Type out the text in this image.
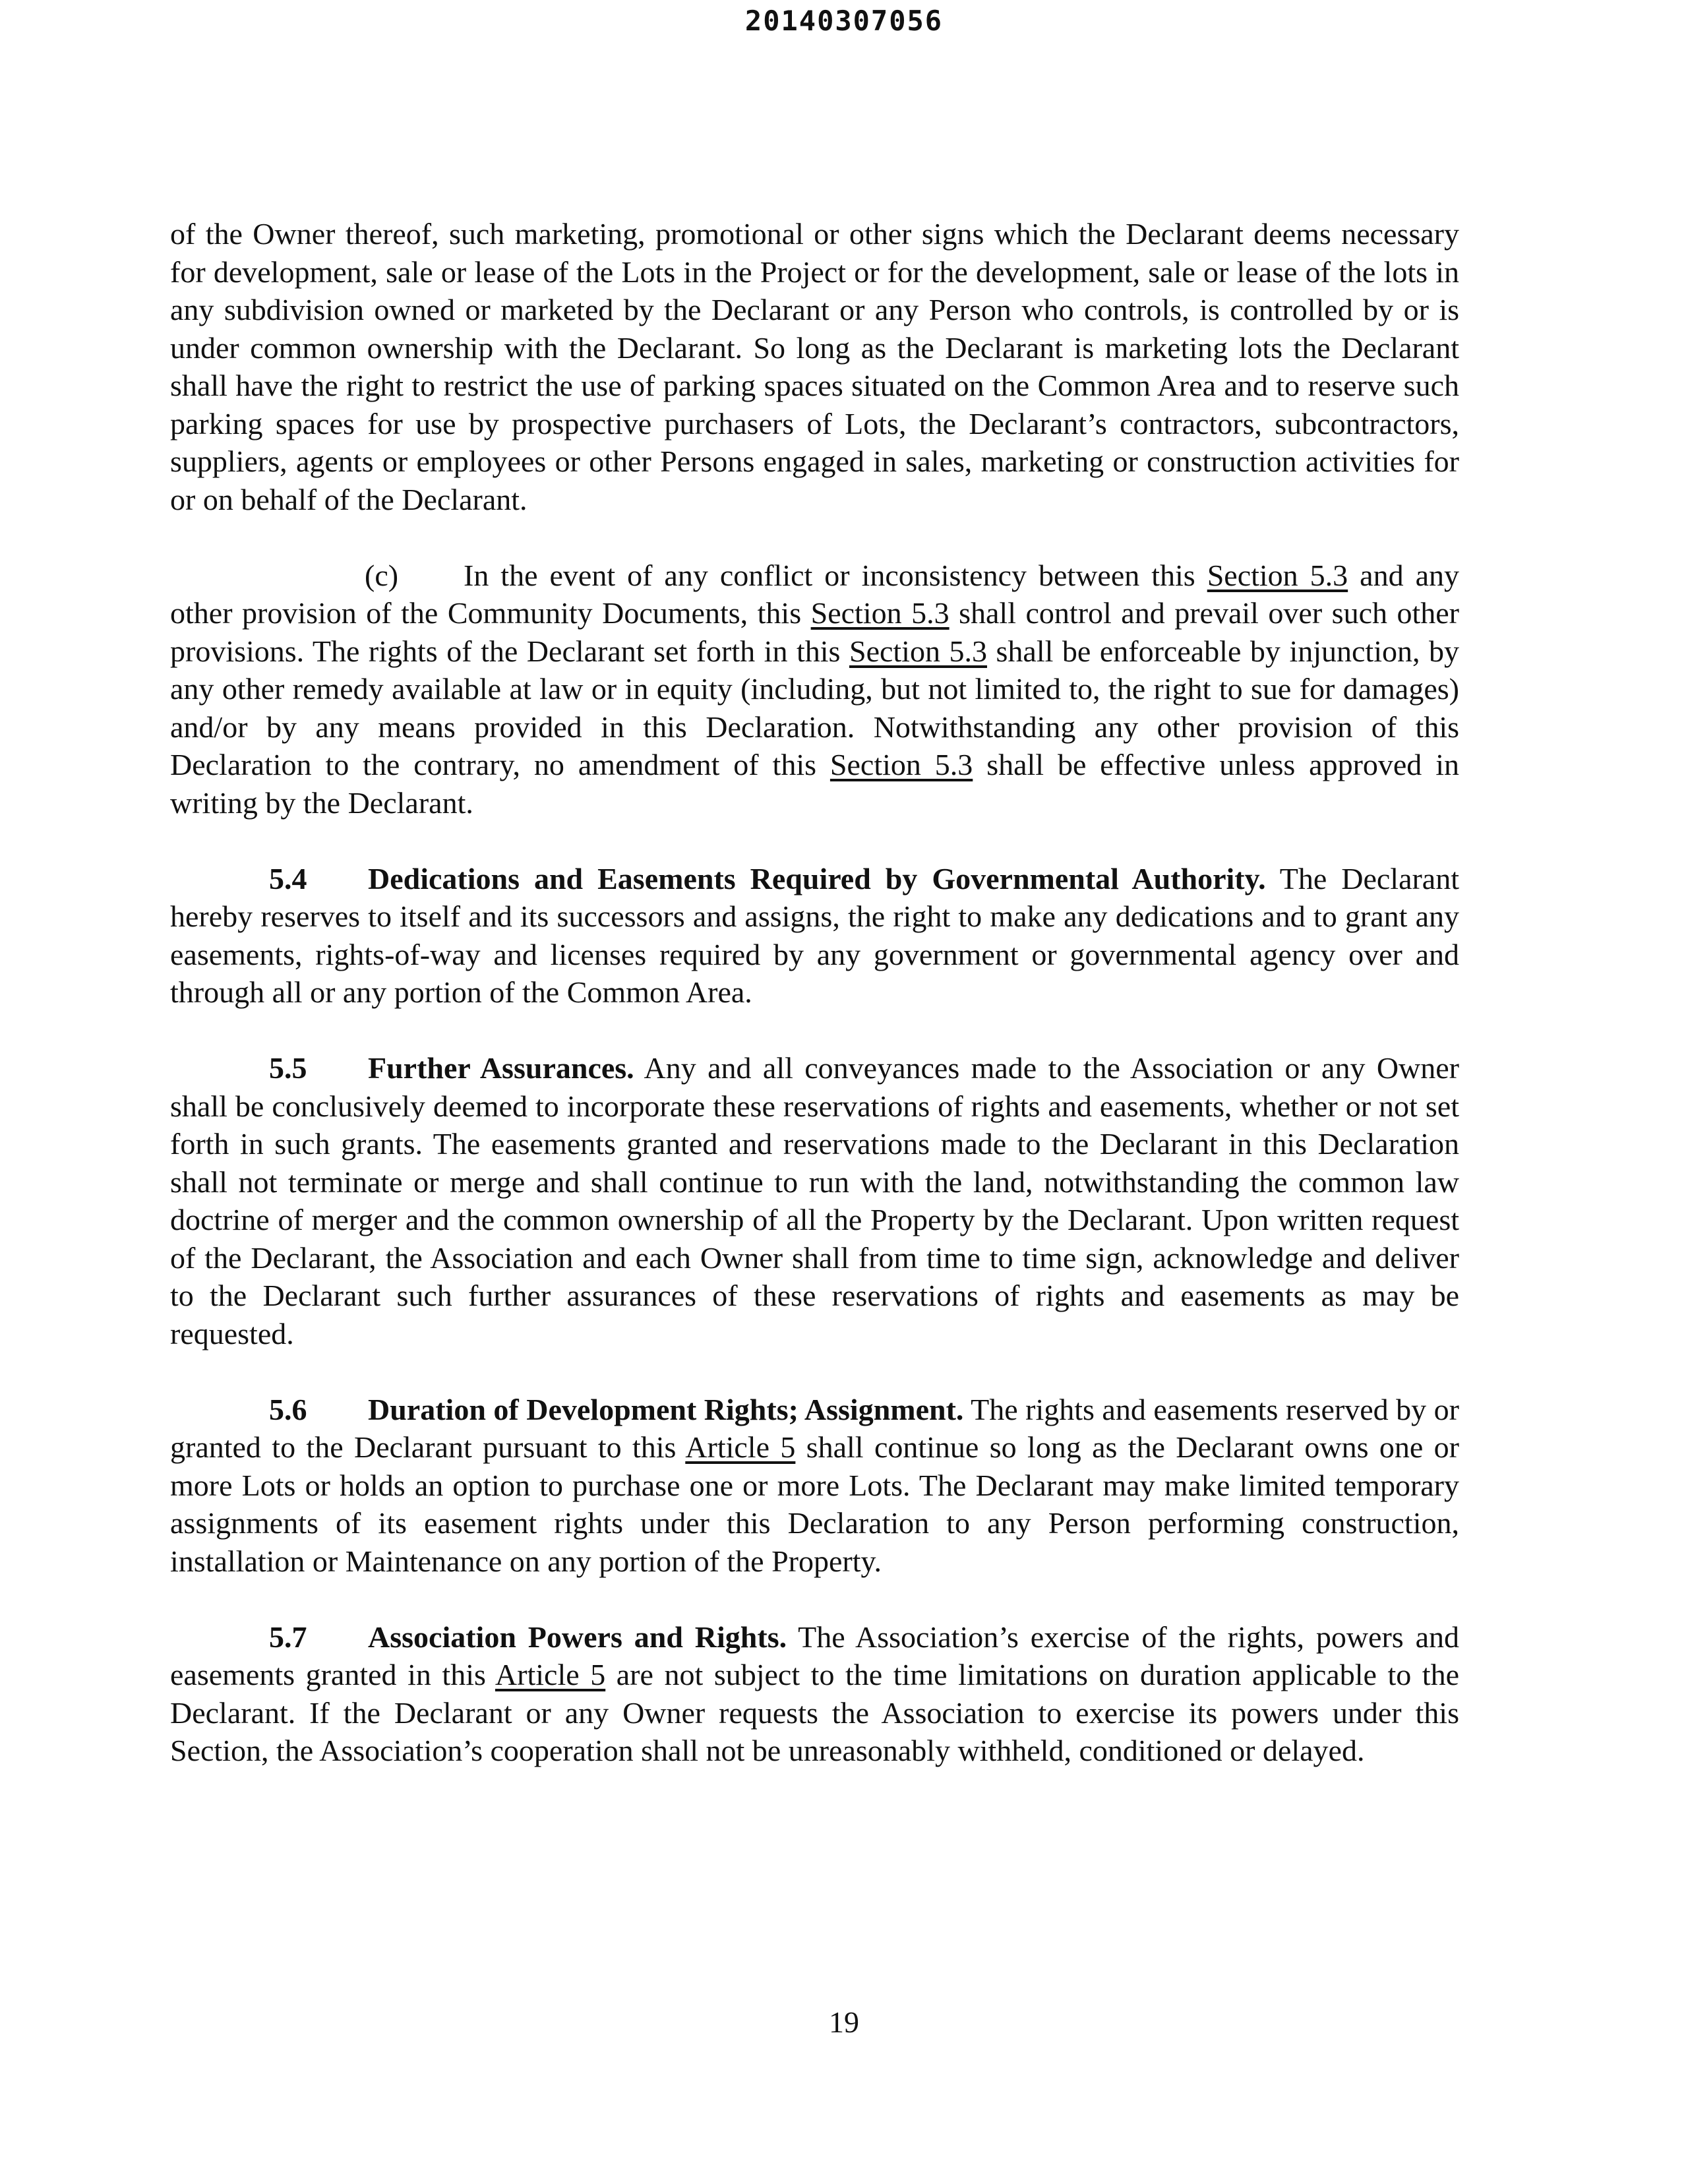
20140307056

of the Owner thereof, such marketing, promotional or other signs which the Declarant deems necessary for development, sale or lease of the Lots in the Project or for the development, sale or lease of the lots in any subdivision owned or marketed by the Declarant or any Person who controls, is controlled by or is under common ownership with the Declarant. So long as the Declarant is marketing lots the Declarant shall have the right to restrict the use of parking spaces situated on the Common Area and to reserve such parking spaces for use by prospective purchasers of Lots, the Declarant’s contractors, subcontractors, suppliers, agents or employees or other Persons engaged in sales, marketing or construction activities for or on behalf of the Declarant.

(c) In the event of any conflict or inconsistency between this Section 5.3 and any other provision of the Community Documents, this Section 5.3 shall control and prevail over such other provisions. The rights of the Declarant set forth in this Section 5.3 shall be enforceable by injunction, by any other remedy available at law or in equity (including, but not limited to, the right to sue for damages) and/or by any means provided in this Declaration. Notwithstanding any other provision of this Declaration to the contrary, no amendment of this Section 5.3 shall be effective unless approved in writing by the Declarant.

5.4 Dedications and Easements Required by Governmental Authority. The Declarant hereby reserves to itself and its successors and assigns, the right to make any dedications and to grant any easements, rights-of-way and licenses required by any government or governmental agency over and through all or any portion of the Common Area.

5.5 Further Assurances. Any and all conveyances made to the Association or any Owner shall be conclusively deemed to incorporate these reservations of rights and easements, whether or not set forth in such grants. The easements granted and reservations made to the Declarant in this Declaration shall not terminate or merge and shall continue to run with the land, notwithstanding the common law doctrine of merger and the common ownership of all the Property by the Declarant. Upon written request of the Declarant, the Association and each Owner shall from time to time sign, acknowledge and deliver to the Declarant such further assurances of these reservations of rights and easements as may be requested.

5.6 Duration of Development Rights; Assignment. The rights and easements reserved by or granted to the Declarant pursuant to this Article 5 shall continue so long as the Declarant owns one or more Lots or holds an option to purchase one or more Lots. The Declarant may make limited temporary assignments of its easement rights under this Declaration to any Person performing construction, installation or Maintenance on any portion of the Property.

5.7 Association Powers and Rights. The Association’s exercise of the rights, powers and easements granted in this Article 5 are not subject to the time limitations on duration applicable to the Declarant. If the Declarant or any Owner requests the Association to exercise its powers under this Section, the Association’s cooperation shall not be unreasonably withheld, conditioned or delayed.

19
